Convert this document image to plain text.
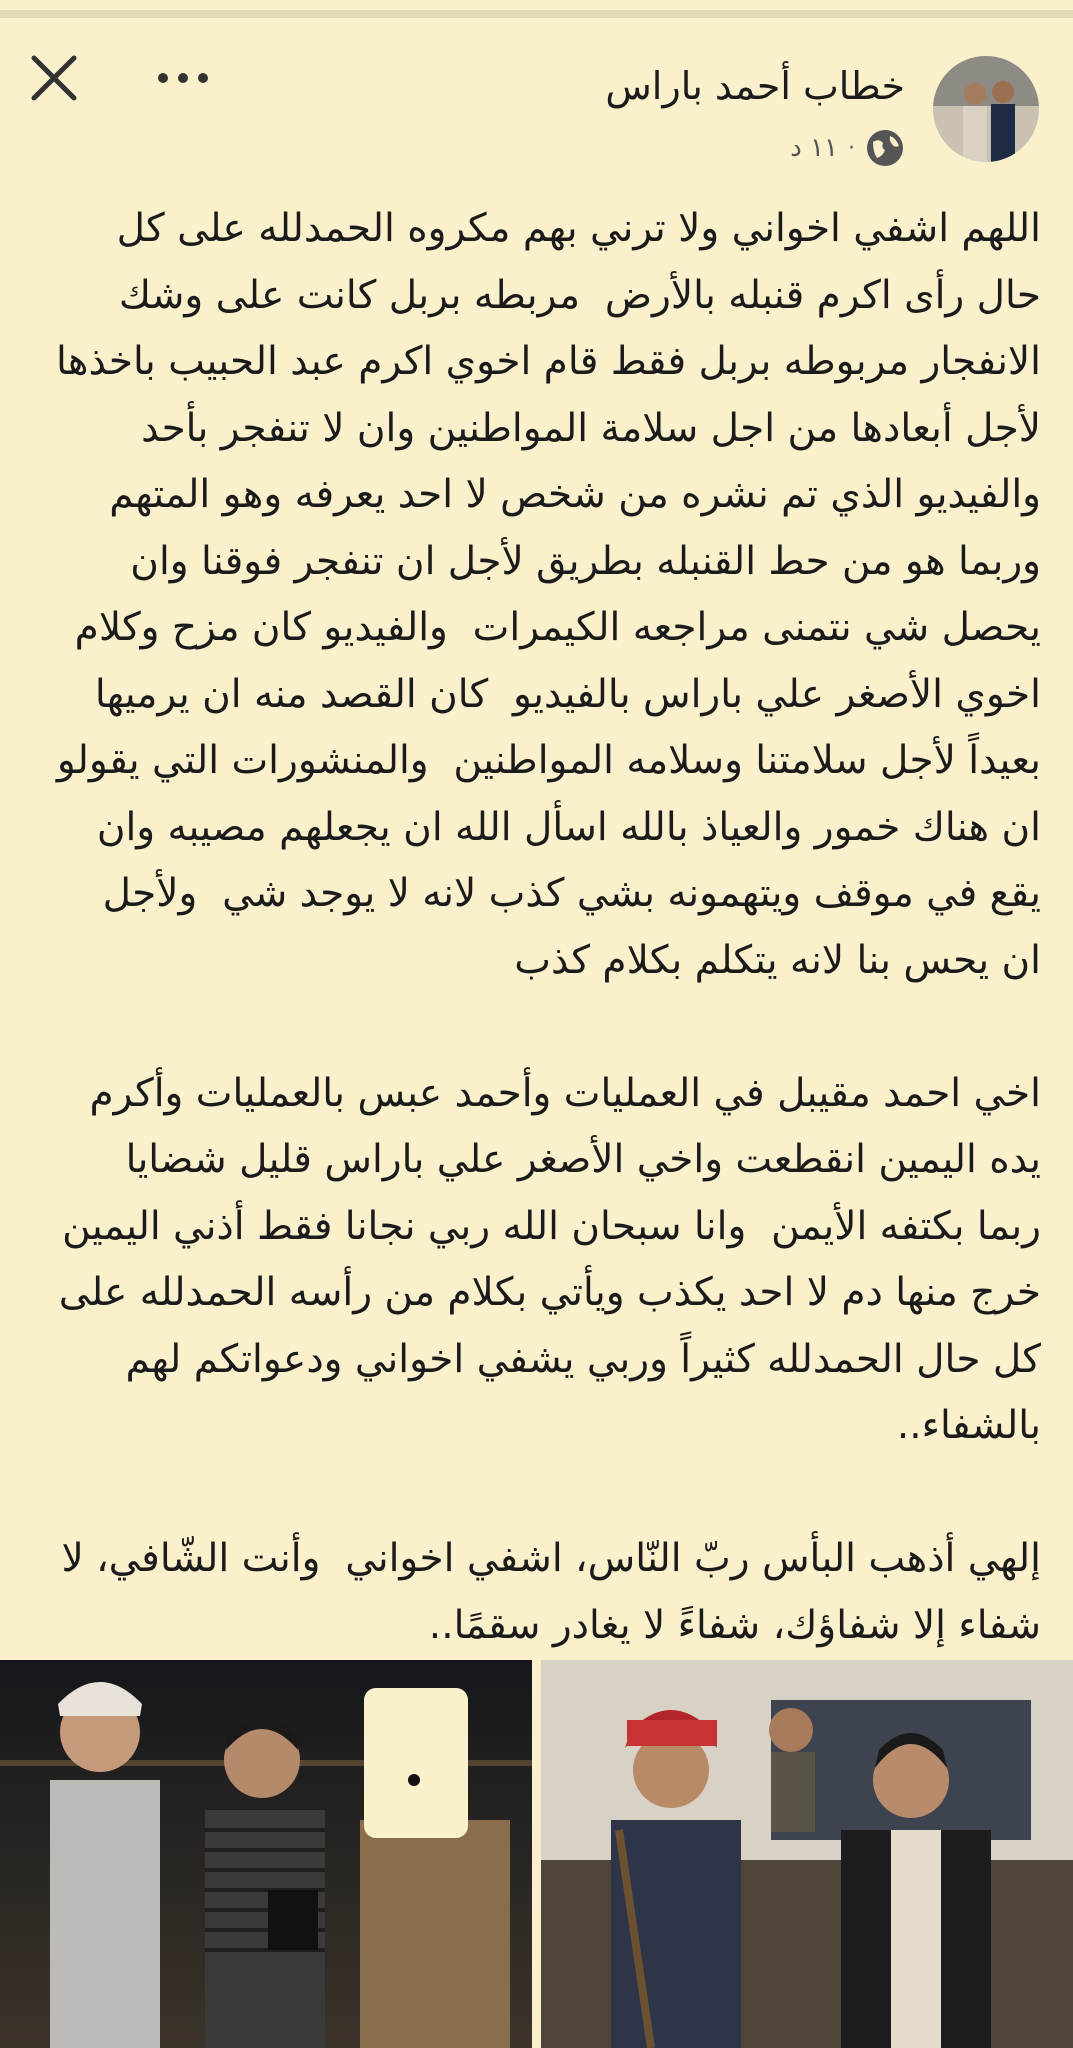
خطاب أحمد باراس
·
١١ د

اللهم اشفي اخواني ولا ترني بهم مكروه الحمدلله على كل حال رأى اكرم قنبله بالأرض  مربطه بربل كانت على وشك الانفجار مربوطه بربل فقط قام اخوي اكرم عبد الحبيب باخذها لأجل أبعادها من اجل سلامة المواطنين وان لا تنفجر بأحد والفيديو الذي تم نشره من شخص لا احد يعرفه وهو المتهم وربما هو من حط القنبله بطريق لأجل ان تنفجر فوقنا وان يحصل شي نتمنى مراجعه الكيمرات  والفيديو كان مزح وكلام اخوي الأصغر علي باراس بالفيديو  كان القصد منه ان يرميها بعيداً لأجل سلامتنا وسلامه المواطنين  والمنشورات التي يقولو ان هناك خمور والعياذ بالله اسأل الله ان يجعلهم مصيبه وان يقع في موقف ويتهمونه بشي كذب لانه لا يوجد شي  ولأجل ان يحس بنا لانه يتكلم بكلام كذب

اخي احمد مقيبل في العمليات وأحمد عبس بالعمليات وأكرم يده اليمين انقطعت واخي الأصغر علي باراس قليل شضايا ربما بكتفه الأيمن  وانا سبحان الله ربي نجانا فقط أذني اليمين خرج منها دم لا احد يكذب ويأتي بكلام من رأسه الحمدلله على كل حال الحمدلله كثيراً وربي يشفي اخواني ودعواتكم لهم بالشفاء..

إلهي أذهب البأس ربّ النّاس، اشفي اخواني  وأنت الشّافي، لا شفاء إلا شفاؤك، شفاءً لا يغادر سقمًا..
